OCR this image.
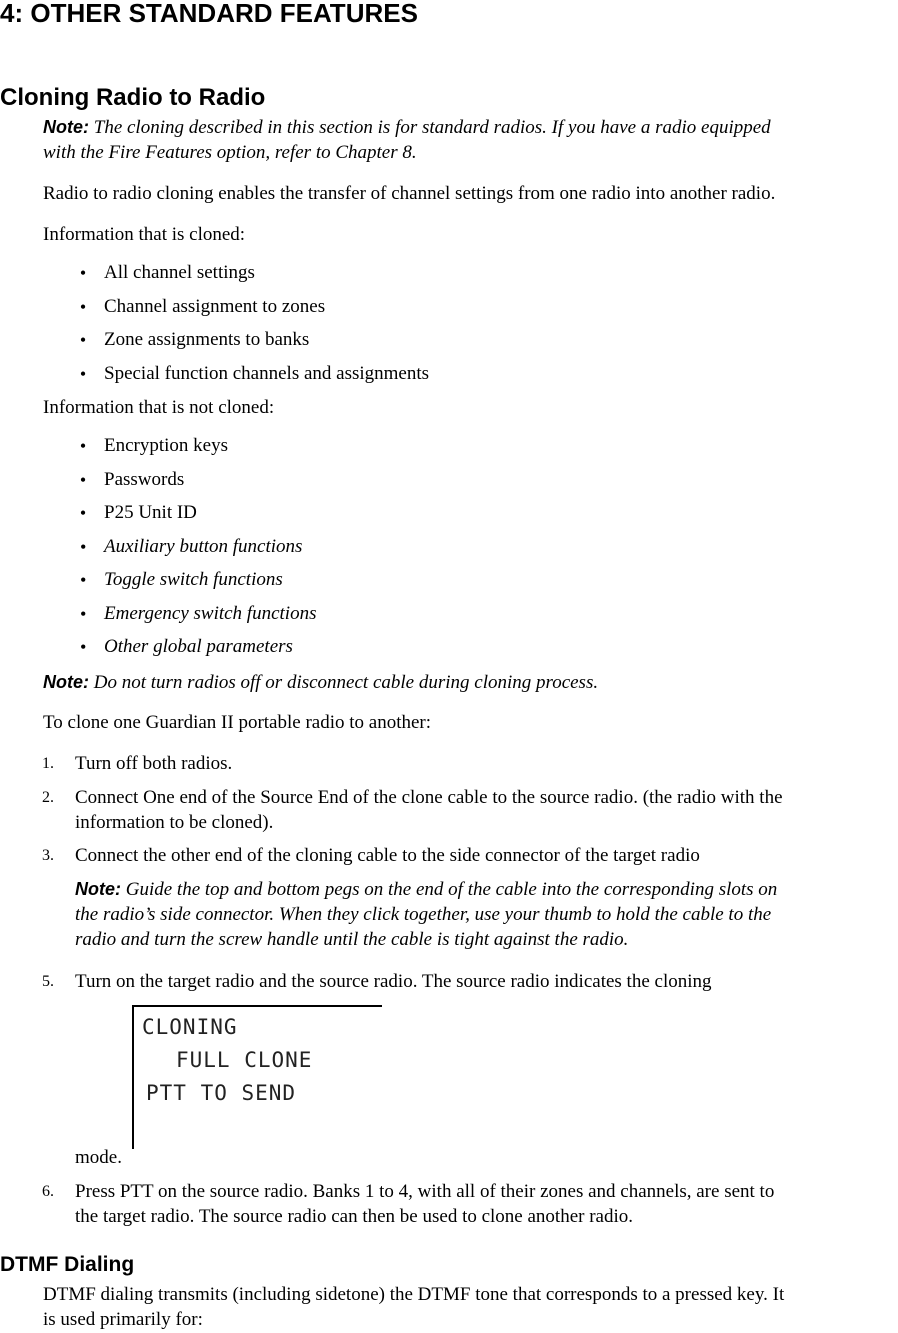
4: OTHER STANDARD FEATURES
Cloning Radio to Radio
Note: The cloning described in this section is for standard radios. If you have a radio equipped
with the Fire Features option, refer to Chapter 8.
Radio to radio cloning enables the transfer of channel settings from one radio into another radio.
Information that is cloned:
• All channel settings
• Channel assignment to zones
• Zone assignments to banks
• Special function channels and assignments
Information that is not cloned:
• Encryption keys
• Passwords
• P25 Unit ID
• Auxiliary button functions
• Toggle switch functions
• Emergency switch functions
• Other global parameters
Note: Do not turn radios off or disconnect cable during cloning process.
To clone one Guardian II portable radio to another:
1. Turn off both radios.
2. Connect One end of the Source End of the clone cable to the source radio. (the radio with the
information to be cloned).
3. Connect the other end of the cloning cable to the side connector of the target radio
Note: Guide the top and bottom pegs on the end of the cable into the corresponding slots on
the radio’s side connector. When they click together, use your thumb to hold the cable to the
radio and turn the screw handle until the cable is tight against the radio.
5. Turn on the target radio and the source radio. The source radio indicates the cloning
CLONING
FULL CLONE
PTT TO SEND
mode.
6. Press PTT on the source radio. Banks 1 to 4, with all of their zones and channels, are sent to
the target radio. The source radio can then be used to clone another radio.
DTMF Dialing
DTMF dialing transmits (including sidetone) the DTMF tone that corresponds to a pressed key. It
is used primarily for:
